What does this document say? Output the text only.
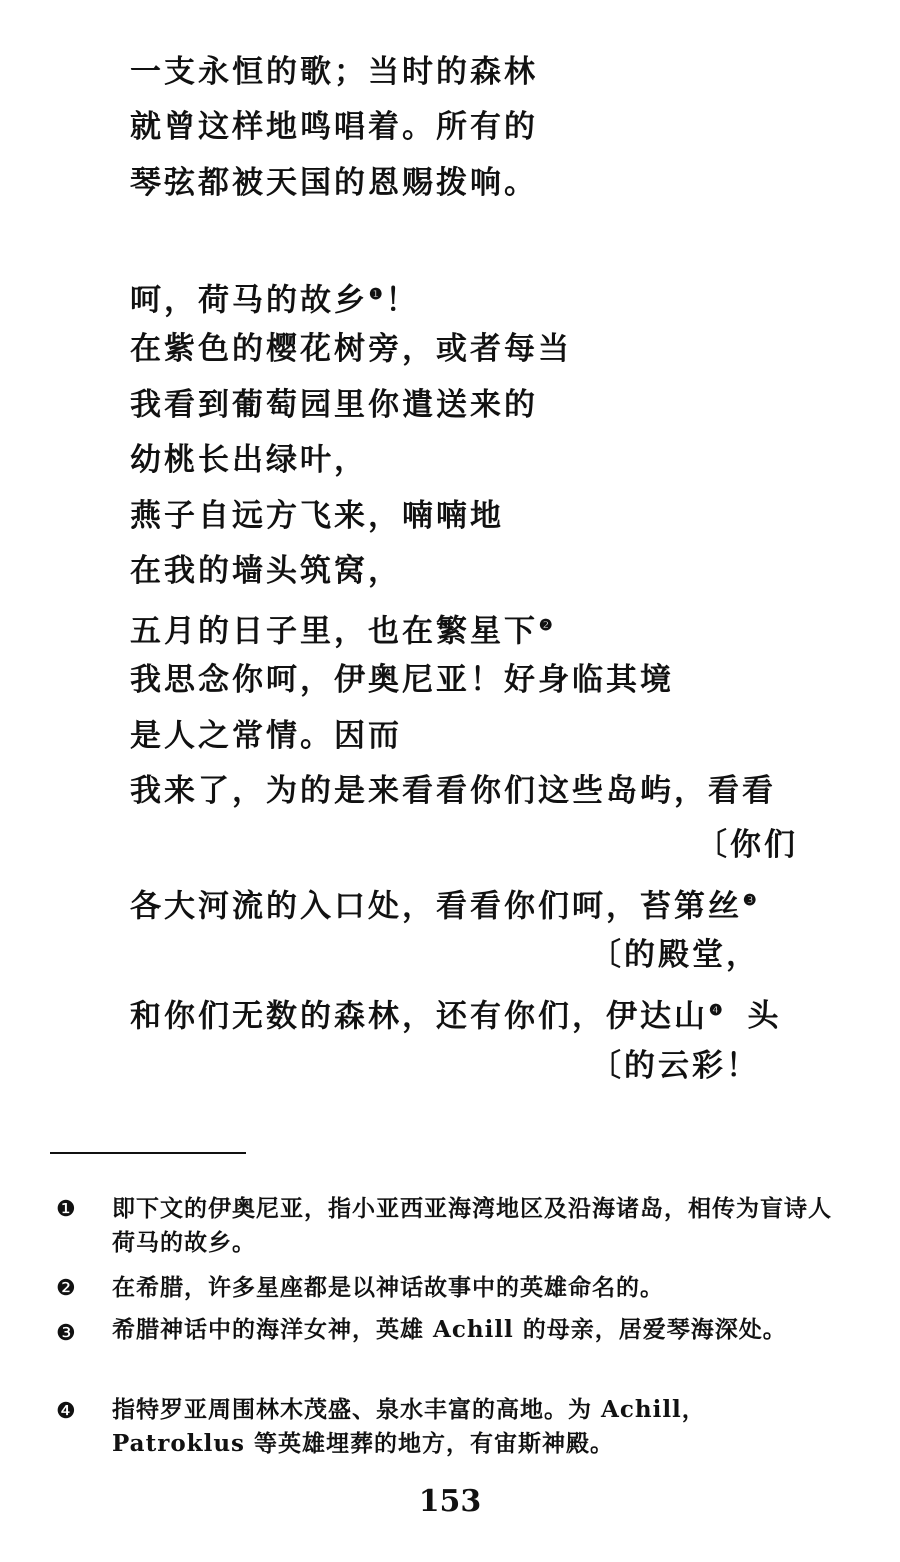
一支永恒的歌；当时的森林
就曾这样地鸣唱着。所有的
琴弦都被天国的恩赐拨响。
呵，荷马的故乡$^❶$！
在紫色的樱花树旁，或者每当
我看到葡萄园里你遣送来的
幼桃长出绿叶，
燕子自远方飞来，喃喃地
在我的墙头筑窝，
五月的日子里，也在繁星下$^❷$
我思念你呵，伊奥尼亚！好身临其境
是人之常情。因而
我来了，为的是来看看你们这些岛屿，看看
〔你们
各大河流的入口处，看看你们呵，苔第丝$^❸$
〔的殿堂，
和你们无数的森林，还有你们，伊达山$^❹$ 头
〔的云彩！
❶ 即下文的伊奥尼亚，指小亚西亚海湾地区及沿海诸岛，相传为盲诗人荷马的故乡。
❷ 在希腊，许多星座都是以神话故事中的英雄命名的。
❸ 希腊神话中的海洋女神，英雄 Achill 的母亲，居爱琴海深处。
❹ 指特罗亚周围林木茂盛、泉水丰富的高地。为 Achill，Patroklus 等英雄埋葬的地方，有宙斯神殿。
153
